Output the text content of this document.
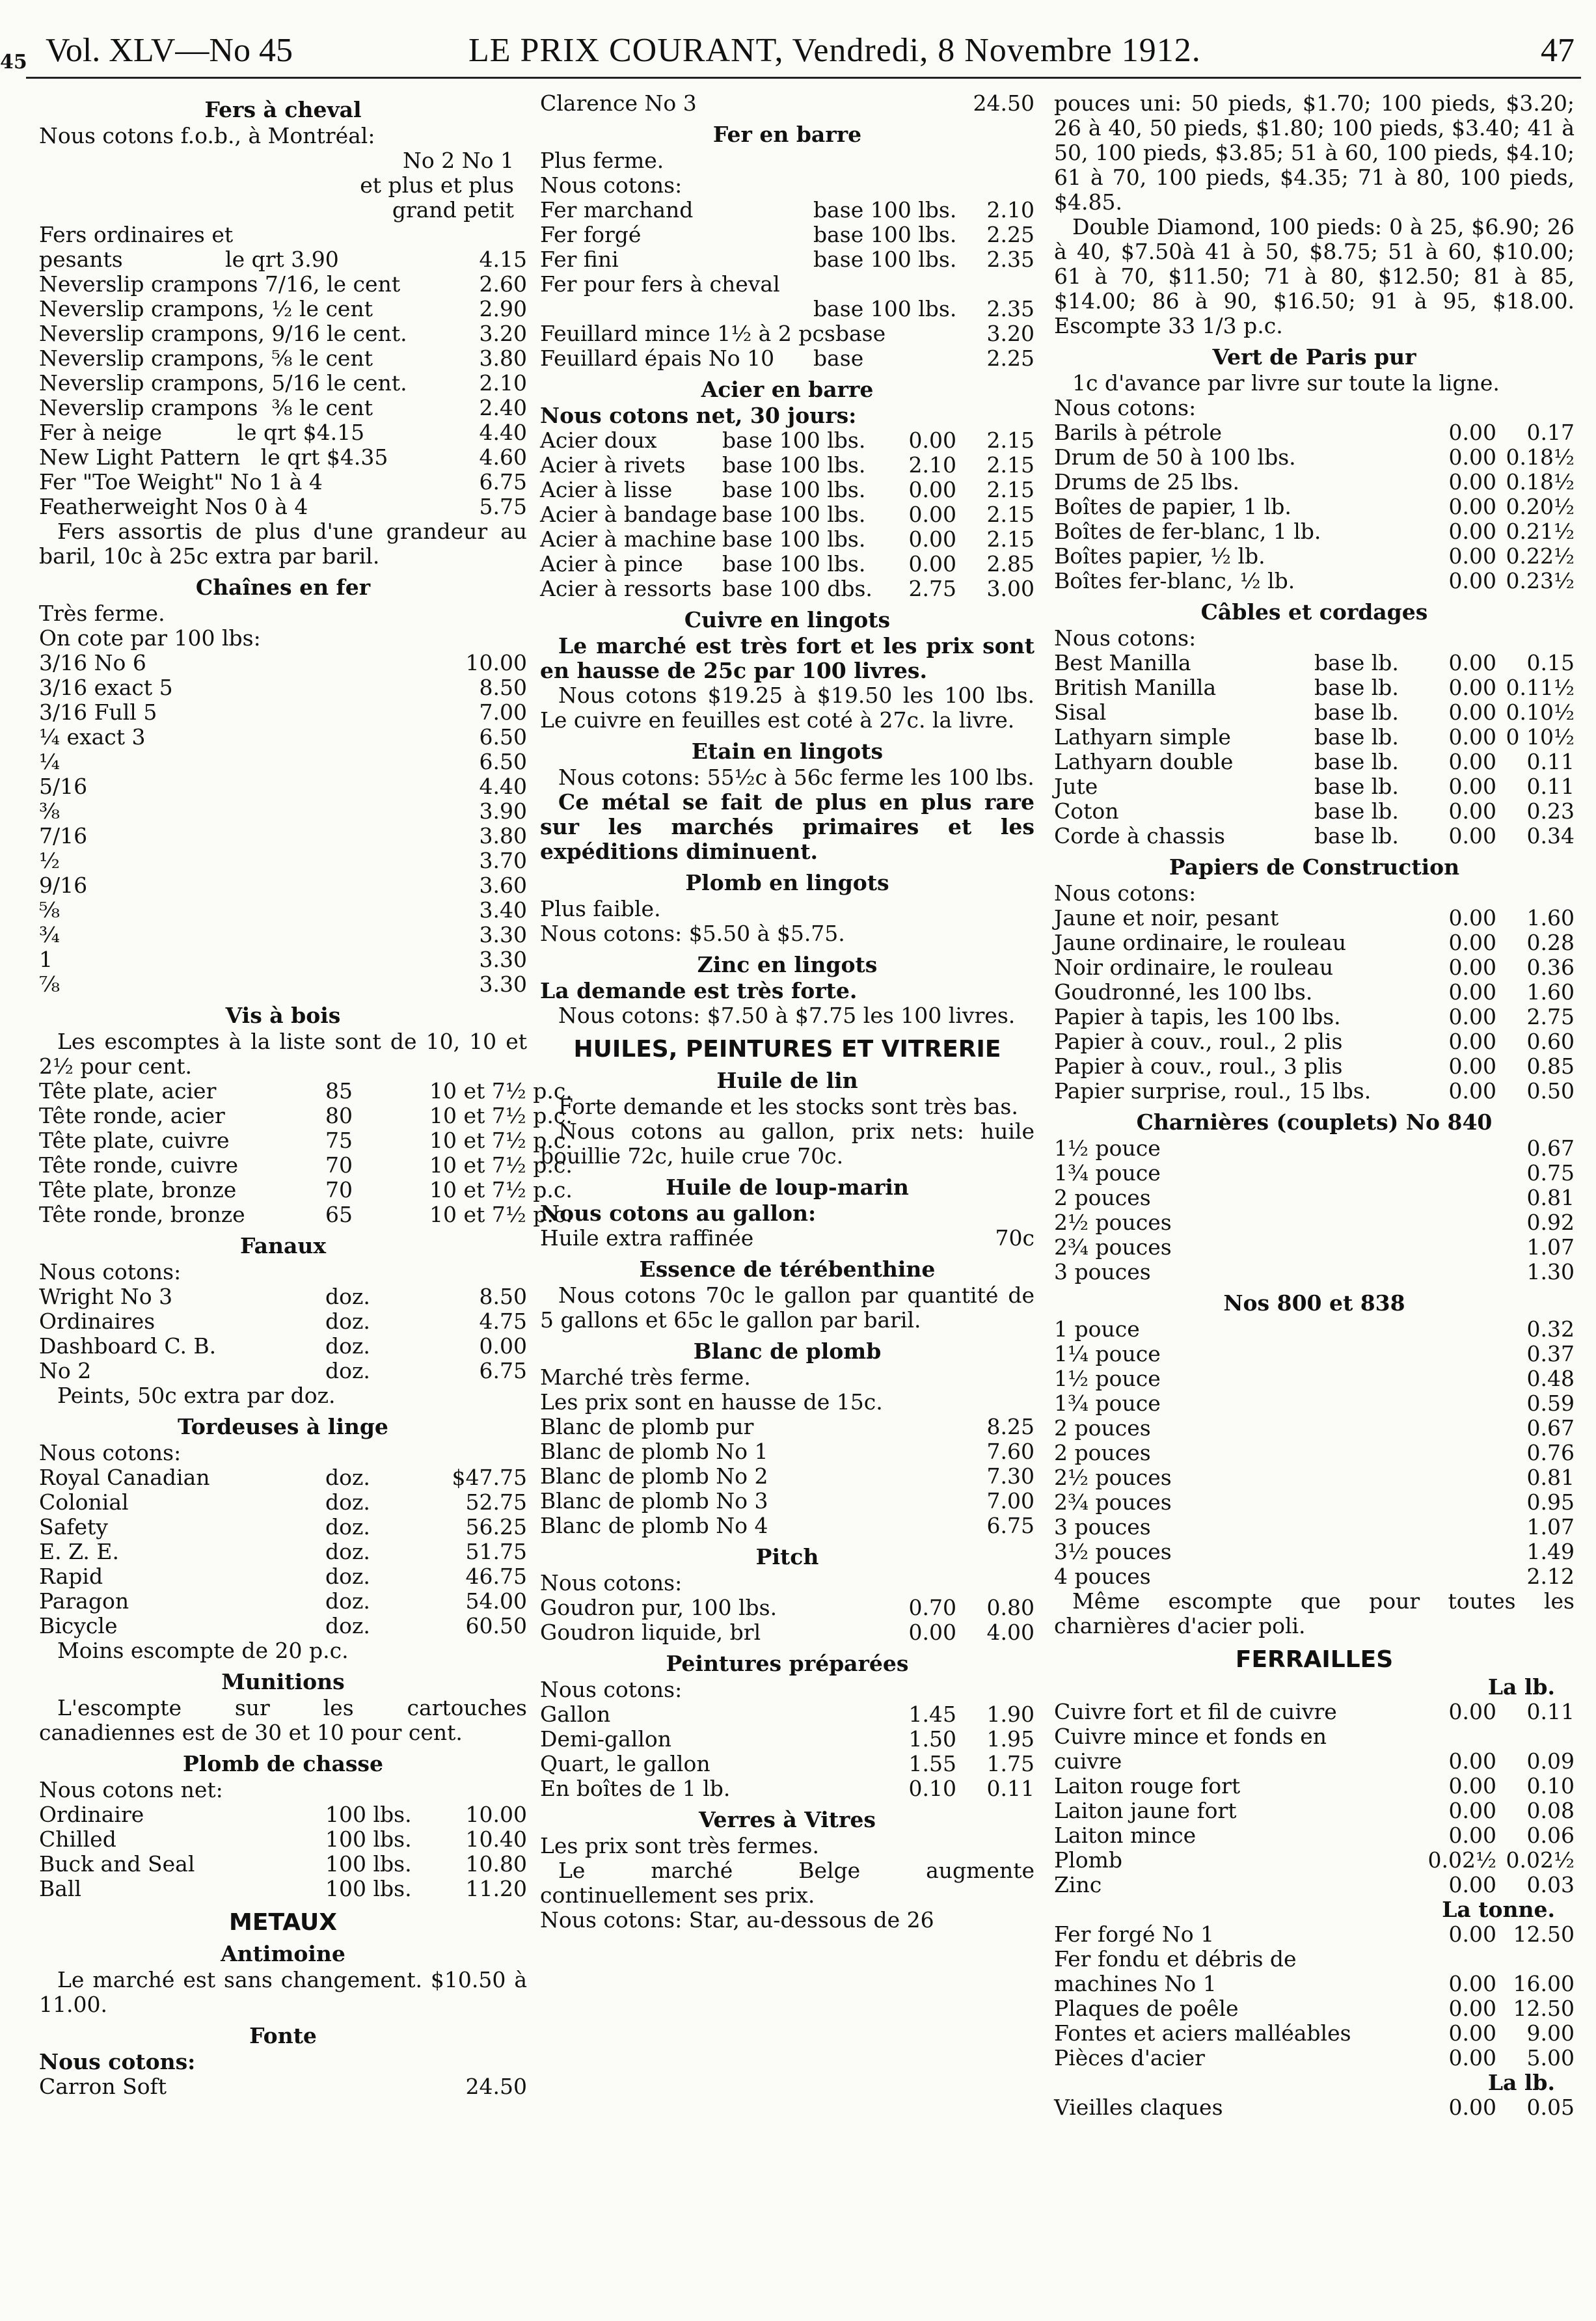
45 Vol. XLV—No 45	LE PRIX COURANT, Vendredi, 8 Novembre 1912.	47
Fers à cheval
Nous cotons f.o.b., à Montréal:
No 2 No 1
et plus et plus
grand petit
Fers ordinaires et
pesants               le qrt 3.90	4.15
Neverslip crampons 7/16, le cent	2.60
Neverslip crampons, ½ le cent	2.90
Neverslip crampons, 9/16 le cent.	3.20
Neverslip crampons, ⅝ le cent	3.80
Neverslip crampons, 5/16 le cent.	2.10
Neverslip crampons  ⅜ le cent	2.40
Fer à neige           le qrt $4.15	4.40
New Light Pattern   le qrt $4.35	4.60
Fer "Toe Weight" No 1 à 4	6.75
Featherweight Nos 0 à 4	5.75
Fers assortis de plus d'une grandeur au baril, 10c à 25c extra par baril.
Chaînes en fer
Très ferme.
On cote par 100 lbs:
3/16 No 6	10.00
3/16 exact 5	8.50
3/16 Full 5	7.00
¼ exact 3	6.50
¼	6.50
5/16	4.40
⅜	3.90
7/16	3.80
½	3.70
9/16	3.60
⅝	3.40
¾	3.30
1	3.30
⅞	3.30
Vis à bois
Les escomptes à la liste sont de 10, 10 et 2½ pour cent.
Tête plate, acier	85	10 et 7½ p.c.
Tête ronde, acier	80	10 et 7½ p.c.
Tête plate, cuivre	75	10 et 7½ p.c.
Tête ronde, cuivre	70	10 et 7½ p.c.
Tête plate, bronze	70	10 et 7½ p.c.
Tête ronde, bronze	65	10 et 7½ p.c.
Fanaux
Nous cotons:
Wright No 3	doz.	8.50
Ordinaires	doz.	4.75
Dashboard C. B.	doz.	0.00
No 2	doz.	6.75
Peints, 50c extra par doz.
Tordeuses à linge
Nous cotons:
Royal Canadian	doz.	$47.75
Colonial	doz.	52.75
Safety	doz.	56.25
E. Z. E.	doz.	51.75
Rapid	doz.	46.75
Paragon	doz.	54.00
Bicycle	doz.	60.50
Moins escompte de 20 p.c.
Munitions
L'escompte sur les cartouches canadiennes est de 30 et 10 pour cent.
Plomb de chasse
Nous cotons net:
Ordinaire	100 lbs.	10.00
Chilled	100 lbs.	10.40
Buck and Seal	100 lbs.	10.80
Ball	100 lbs.	11.20
METAUX
Antimoine
Le marché est sans changement. $10.50 à 11.00.
Fonte
Nous cotons:
Carron Soft	24.50
Clarence No 3	24.50
Fer en barre
Plus ferme.
Nous cotons:
Fer marchand	base 100 lbs.	2.10
Fer forgé	base 100 lbs.	2.25
Fer fini	base 100 lbs.	2.35
Fer pour fers à cheval
base 100 lbs.	2.35
Feuillard mince 1½ à 2 pcs base	3.20
Feuillard épais No 10	base	2.25
Acier en barre
Nous cotons net, 30 jours:
Acier doux	base 100 lbs.	0.00	2.15
Acier à rivets	base 100 lbs.	2.10	2.15
Acier à lisse	base 100 lbs.	0.00	2.15
Acier à bandage base 100 lbs.	0.00	2.15
Acier à machine base 100 lbs.	0.00	2.15
Acier à pince	base 100 lbs.	0.00	2.85
Acier à ressorts base 100 dbs.	2.75	3.00
Cuivre en lingots
Le marché est très fort et les prix sont en hausse de 25c par 100 livres.
Nous cotons $19.25 à $19.50 les 100 lbs. Le cuivre en feuilles est coté à 27c. la livre.
Etain en lingots
Nous cotons: 55½c à 56c ferme les 100 lbs.
Ce métal se fait de plus en plus rare sur les marchés primaires et les expéditions diminuent.
Plomb en lingots
Plus faible.
Nous cotons: $5.50 à $5.75.
Zinc en lingots
La demande est très forte.
Nous cotons: $7.50 à $7.75 les 100 livres.
HUILES, PEINTURES ET VITRERIE
Huile de lin
Forte demande et les stocks sont très bas.
Nous cotons au gallon, prix nets: huile bouillie 72c, huile crue 70c.
Huile de loup-marin
Nous cotons au gallon:
Huile extra raffinée	70c
Essence de térébenthine
Nous cotons 70c le gallon par quantité de 5 gallons et 65c le gallon par baril.
Blanc de plomb
Marché très ferme.
Les prix sont en hausse de 15c.
Blanc de plomb pur	8.25
Blanc de plomb No 1	7.60
Blanc de plomb No 2	7.30
Blanc de plomb No 3	7.00
Blanc de plomb No 4	6.75
Pitch
Nous cotons:
Goudron pur, 100 lbs.	0.70	0.80
Goudron liquide, brl	0.00	4.00
Peintures préparées
Nous cotons:
Gallon	1.45	1.90
Demi-gallon	1.50	1.95
Quart, le gallon	1.55	1.75
En boîtes de 1 lb.	0.10	0.11
Verres à Vitres
Les prix sont très fermes.
Le marché Belge augmente continuellement ses prix.
Nous cotons: Star, au-dessous de 26
pouces uni: 50 pieds, $1.70; 100 pieds, $3.20; 26 à 40, 50 pieds, $1.80; 100 pieds, $3.40; 41 à 50, 100 pieds, $3.85; 51 à 60, 100 pieds, $4.10; 61 à 70, 100 pieds, $4.35; 71 à 80, 100 pieds, $4.85.
Double Diamond, 100 pieds: 0 à 25, $6.90; 26 à 40, $7.50à 41 à 50, $8.75; 51 à 60, $10.00; 61 à 70, $11.50; 71 à 80, $12.50; 81 à 85, $14.00; 86 à 90, $16.50; 91 à 95, $18.00. Escompte 33 1/3 p.c.
Vert de Paris pur
1c d'avance par livre sur toute la ligne.
Nous cotons:
Barils à pétrole	0.00	0.17
Drum de 50 à 100 lbs.	0.00 0.18½
Drums de 25 lbs.	0.00 0.18½
Boîtes de papier, 1 lb.	0.00 0.20½
Boîtes de fer-blanc, 1 lb.	0.00 0.21½
Boîtes papier, ½ lb.	0.00 0.22½
Boîtes fer-blanc, ½ lb.	0.00 0.23½
Câbles et cordages
Nous cotons:
Best Manilla	base lb.	0.00	0.15
British Manilla	base lb.	0.00 0.11½
Sisal	base lb.	0.00 0.10½
Lathyarn simple	base lb.	0.00 0 10½
Lathyarn double	base lb.	0.00	0.11
Jute	base lb.	0.00	0.11
Coton	base lb.	0.00	0.23
Corde à chassis	base lb.	0.00	0.34
Papiers de Construction
Nous cotons:
Jaune et noir, pesant	0.00	1.60
Jaune ordinaire, le rouleau	0.00	0.28
Noir ordinaire, le rouleau	0.00	0.36
Goudronné, les 100 lbs.	0.00	1.60
Papier à tapis, les 100 lbs.	0.00	2.75
Papier à couv., roul., 2 plis	0.00	0.60
Papier à couv., roul., 3 plis	0.00	0.85
Papier surprise, roul., 15 lbs.	0.00	0.50
Charnières (couplets) No 840
1½ pouce	0.67
1¾ pouce	0.75
2 pouces	0.81
2½ pouces	0.92
2¾ pouces	1.07
3 pouces	1.30
Nos 800 et 838
1 pouce	0.32
1¼ pouce	0.37
1½ pouce	0.48
1¾ pouce	0.59
2 pouces	0.67
2 pouces	0.76
2½ pouces	0.81
2¾ pouces	0.95
3 pouces	1.07
3½ pouces	1.49
4 pouces	2.12
Même escompte que pour toutes les charnières d'acier poli.
FERRAILLES
La lb.
Cuivre fort et fil de cuivre	0.00	0.11
Cuivre mince et fonds en
cuivre	0.00	0.09
Laiton rouge fort	0.00	0.10
Laiton jaune fort	0.00	0.08
Laiton mince	0.00	0.06
Plomb	0.02½ 0.02½
Zinc	0.00	0.03
La tonne.
Fer forgé No 1	0.00 12.50
Fer fondu et débris de
machines No 1	0.00 16.00
Plaques de poêle	0.00 12.50
Fontes et aciers malléables	0.00	9.00
Pièces d'acier	0.00	5.00
La lb.
Vieilles claques	0.00	0.05
